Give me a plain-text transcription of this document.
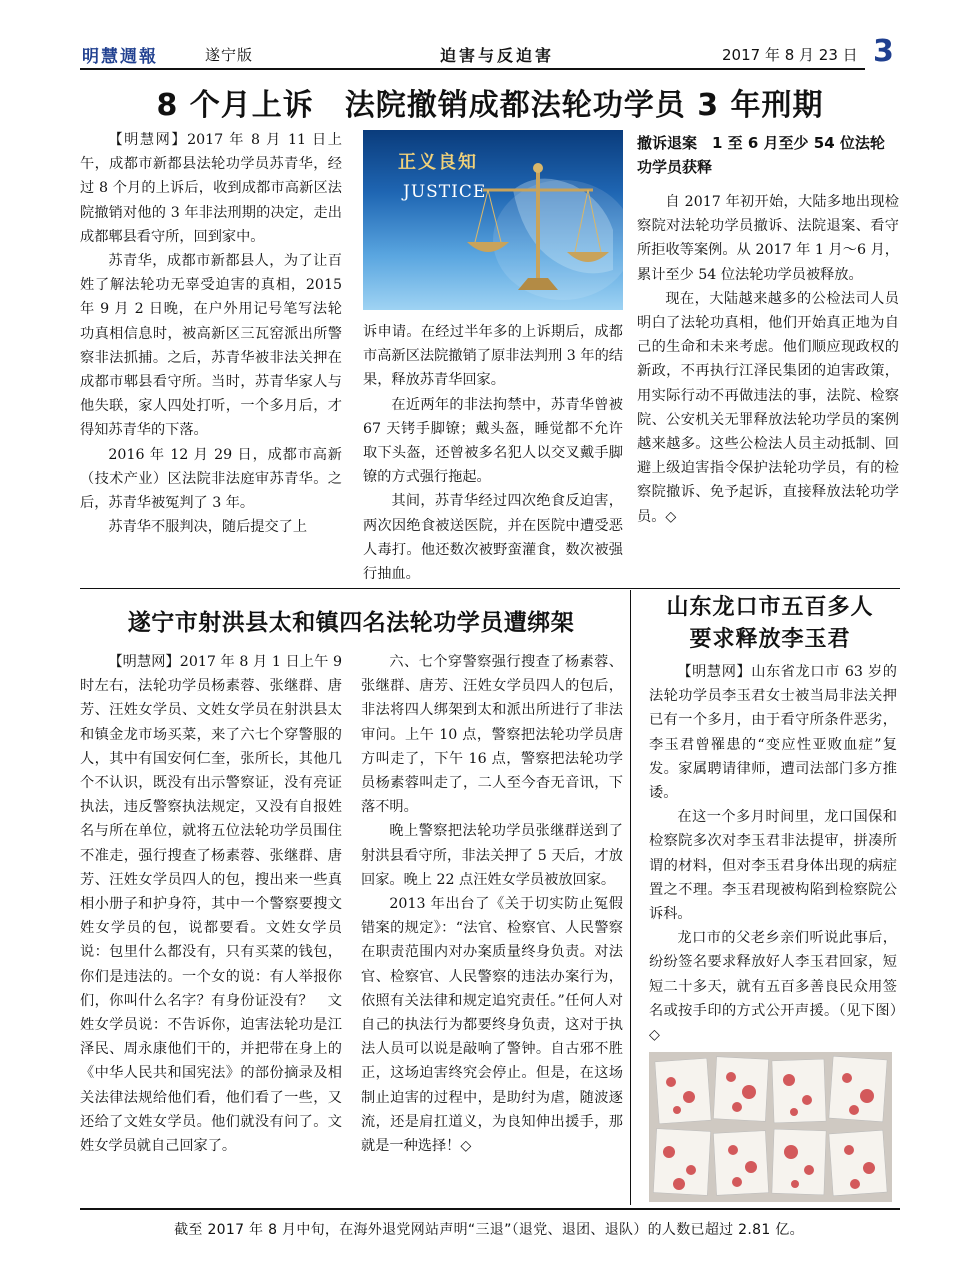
明慧週報	遂宁版	迫害与反迫害	2017 年 8 月 23 日 3
8 个月上诉　法院撤销成都法轮功学员 3 年刑期

【明慧网】2017 年 8 月 11 日上午，成都市新都县法轮功学员苏青华，经过 8 个月的上诉后，收到成都市高新区法院撤销对他的 3 年非法刑期的决定，走出成都郫县看守所，回到家中。

苏青华，成都市新都县人，为了让百姓了解法轮功无辜受迫害的真相，2015 年 9 月 2 日晚，在户外用记号笔写法轮功真相信息时，被高新区三瓦窑派出所警察非法抓捕。之后，苏青华被非法关押在成都市郫县看守所。当时，苏青华家人与他失联，家人四处打听，一个多月后，才得知苏青华的下落。

2016 年 12 月 29 日，成都市高新（技术产业）区法院非法庭审苏青华。之后，苏青华被冤判了 3 年。

苏青华不服判决，随后提交了上

正义良知
JUSTICE

诉申请。在经过半年多的上诉期后，成都市高新区法院撤销了原非法判刑 3 年的结果，释放苏青华回家。

在近两年的非法拘禁中，苏青华曾被 67 天铐手脚镣；戴头盔，睡觉都不允许取下头盔，还曾被多名犯人以交叉戴手脚镣的方式强行拖起。

其间，苏青华经过四次绝食反迫害，两次因绝食被送医院，并在医院中遭受恶人毒打。他还数次被野蛮灌食，数次被强行抽血。

撤诉退案　1 至 6 月至少 54 位法轮功学员获释

自 2017 年初开始，大陆多地出现检察院对法轮功学员撤诉、法院退案、看守所拒收等案例。从 2017 年 1 月～6 月，累计至少 54 位法轮功学员被释放。

现在，大陆越来越多的公检法司人员明白了法轮功真相，他们开始真正地为自己的生命和未来考虑。他们顺应现政权的新政，不再执行江泽民集团的迫害政策，用实际行动不再做违法的事，法院、检察院、公安机关无罪释放法轮功学员的案例越来越多。这些公检法人员主动抵制、回避上级迫害指令保护法轮功学员，有的检察院撤诉、免予起诉，直接释放法轮功学员。◇

遂宁市射洪县太和镇四名法轮功学员遭绑架

【明慧网】2017 年 8 月 1 日上午 9 时左右，法轮功学员杨素蓉、张继群、唐芳、汪姓女学员、文姓女学员在射洪县太和镇金龙市场买菜，来了六七个穿警服的人，其中有国安何仁奎，张所长，其他几个不认识，既没有出示警察证，没有亮证执法，违反警察执法规定，又没有自报姓名与所在单位，就将五位法轮功学员围住不准走，强行搜查了杨素蓉、张继群、唐芳、汪姓女学员四人的包，搜出来一些真相小册子和护身符，其中一个警察要搜文姓女学员的包，说都要看。文姓女学员说：包里什么都没有，只有买菜的钱包，你们是违法的。一个女的说：有人举报你们，你叫什么名字？有身份证没有？　文姓女学员说：不告诉你，迫害法轮功是江泽民、周永康他们干的，并把带在身上的《中华人民共和国宪法》的部份摘录及相关法律法规给他们看，他们看了一些，又还给了文姓女学员。他们就没有问了。文姓女学员就自己回家了。

六、七个穿警察强行搜查了杨素蓉、张继群、唐芳、汪姓女学员四人的包后，非法将四人绑架到太和派出所进行了非法审问。上午 10 点，警察把法轮功学员唐方叫走了，下午 16 点，警察把法轮功学员杨素蓉叫走了，二人至今杳无音讯，下落不明。

晚上警察把法轮功学员张继群送到了射洪县看守所，非法关押了 5 天后，才放回家。晚上 22 点汪姓女学员被放回家。

2013 年出台了《关于切实防止冤假错案的规定》：“法官、检察官、人民警察在职责范围内对办案质量终身负责。对法官、检察官、人民警察的违法办案行为，依照有关法律和规定追究责任。”任何人对自己的执法行为都要终身负责，这对于执法人员可以说是敲响了警钟。自古邪不胜正，这场迫害终究会停止。但是，在这场制止迫害的过程中，是助纣为虐，随波逐流，还是肩扛道义，为良知伸出援手，那就是一种选择！◇

山东龙口市五百多人
要求释放李玉君

【明慧网】山东省龙口市 63 岁的法轮功学员李玉君女士被当局非法关押已有一个多月，由于看守所条件恶劣，李玉君曾罹患的“变应性亚败血症”复发。家属聘请律师，遭司法部门多方推诿。

在这一个多月时间里，龙口国保和检察院多次对李玉君非法提审，拼凑所谓的材料，但对李玉君身体出现的病症置之不理。李玉君现被构陷到检察院公诉科。

龙口市的父老乡亲们听说此事后，纷纷签名要求释放好人李玉君回家，短短二十多天，就有五百多善良民众用签名或按手印的方式公开声援。（见下图）◇

截至 2017 年 8 月中旬，在海外退党网站声明“三退”（退党、退团、退队）的人数已超过 2.81 亿。
